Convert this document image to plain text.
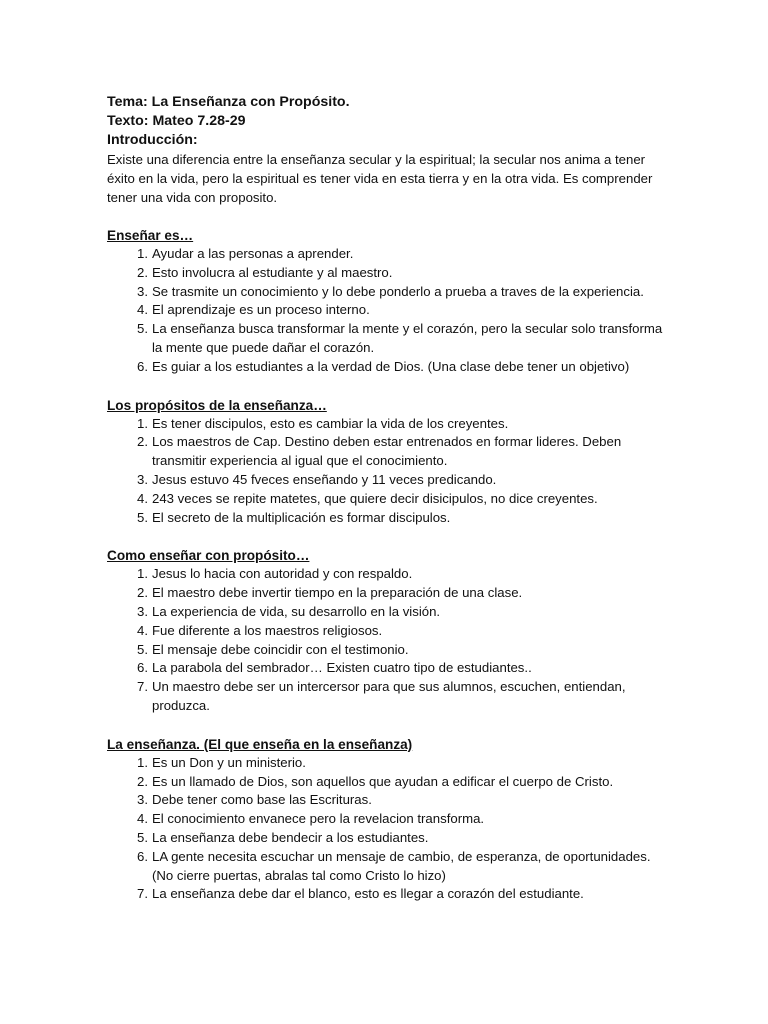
Tema: La Enseñanza con Propósito.

Texto: Mateo 7.28-29

Introducción:

Existe una diferencia entre la enseñanza secular y la espiritual; la secular nos anima a tener éxito en la vida, pero la espiritual es tener vida en esta tierra y en la otra vida. Es comprender tener una vida con proposito.

Enseñar es…

1. Ayudar a las personas a aprender.
2. Esto involucra al estudiante y al maestro.
3. Se trasmite un conocimiento y lo debe ponderlo a prueba a traves de la experiencia.
4. El aprendizaje es un proceso interno.
5. La enseñanza busca transformar la mente y el corazón, pero la secular solo transforma la mente que puede dañar el corazón.
6. Es guiar a los estudiantes a la verdad de Dios. (Una clase debe tener un objetivo)

Los propósitos de la enseñanza…

1. Es tener discipulos, esto es cambiar la vida de los creyentes.
2. Los maestros de Cap. Destino deben estar entrenados en formar lideres. Deben transmitir experiencia al igual que el conocimiento.
3. Jesus estuvo 45 fveces enseñando y 11 veces predicando.
4. 243 veces se repite matetes, que quiere decir disicipulos, no dice creyentes.
5. El secreto de la multiplicación es formar discipulos.

Como enseñar con propósito…

1. Jesus lo hacia con autoridad y con respaldo.
2. El maestro debe invertir tiempo en la preparación de una clase.
3. La experiencia de vida, su desarrollo en la visión.
4. Fue diferente a los maestros religiosos.
5. El mensaje debe coincidir con el testimonio.
6. La parabola del sembrador… Existen cuatro tipo de estudiantes..
7. Un maestro debe ser un intercersor para que sus alumnos, escuchen, entiendan, produzca.

La enseñanza. (El que enseña en la enseñanza)

1. Es un Don y un ministerio.
2. Es un llamado de Dios, son aquellos que ayudan a edificar el cuerpo de Cristo.
3. Debe tener como base las Escrituras.
4. El conocimiento envanece pero la revelacion transforma.
5. La enseñanza debe bendecir a los estudiantes.
6. LA gente necesita escuchar un mensaje de cambio, de esperanza, de oportunidades. (No cierre puertas, abralas tal como Cristo lo hizo)
7. La enseñanza debe dar el blanco, esto es llegar a corazón del estudiante.
